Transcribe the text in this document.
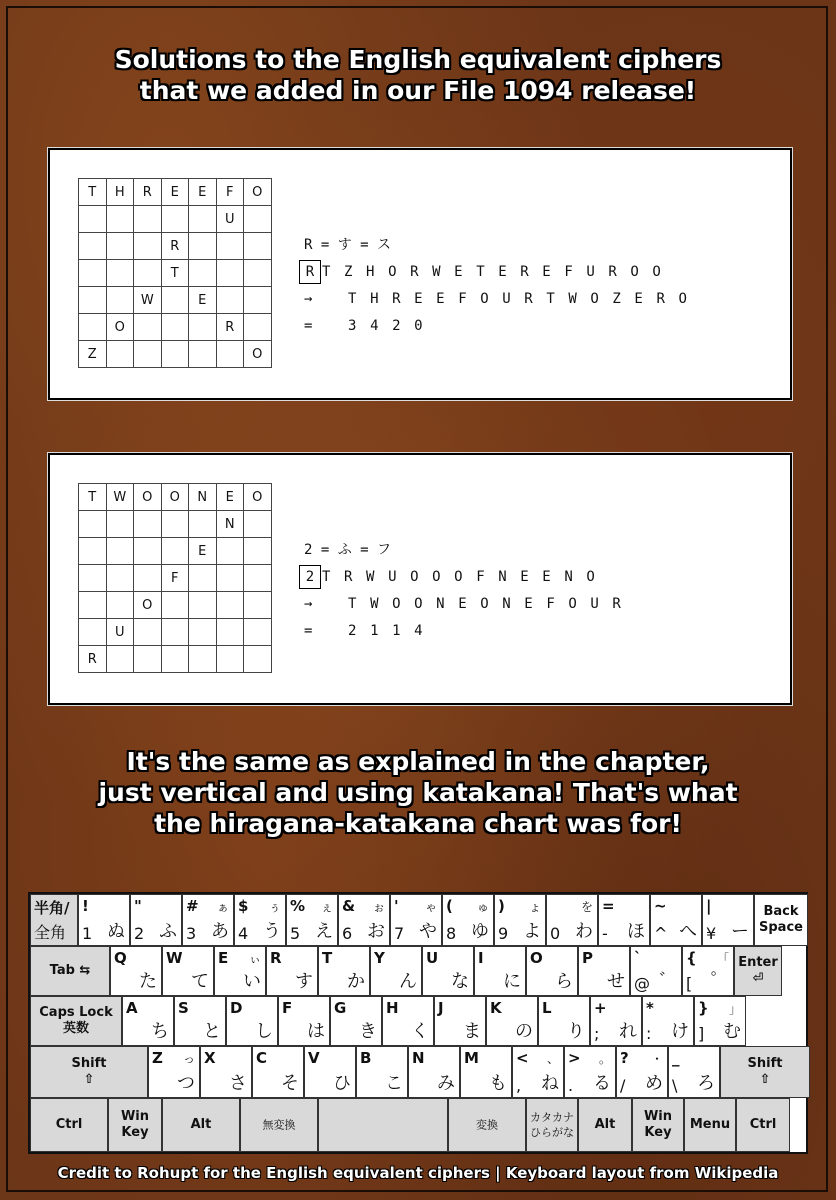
Solutions to the English equivalent ciphers
that we added in our File 1094 release!
T	H	R	E	E	F	O
					U	
			R			
			T			
		W		E		
	O				R	
Z						O
R = す = ス
R TZHORWETEREFUROO
→ THREEFOURTWOZERO
= 3420
T	W	O	O	N	E	O
					N	
				E		
			F			
		O				
	U					
R						
2 = ふ = フ
2 TRWUOOOFNEENO
→ TWOONEONEFOUR
= 2114
It's the same as explained in the chapter,
just vertical and using katakana! That's what
the hiragana-katakana chart was for!
半角/
全角
!
1 ぬ
"
2 ふ
# ぁ
3 あ
$ ぅ
4 う
% ぇ
5 え
& ぉ
6 お
' ゃ
7 や
( ゅ
8 ゆ
) ょ
9 よ
を
0 わ
=
- ほ
~
^ へ
|
¥ ー
Back
Space
Tab ⇆
Q
た
W
て
E ぃ
い
R
す
T
か
Y
ん
U
な
I
に
O
ら
P
せ
`
@ ゛
{ 「
[ ゜
Enter
⏎
Caps Lock
英数
A
ち
S
と
D
し
F
は
G
き
H
く
J
ま
K
の
L
り
+
; れ
*
: け
} 」
] む
Shift
⇧
Z っ
つ
X
さ
C
そ
V
ひ
B
こ
N
み
M
も
< 、
, ね
> 。
. る
? ・
/ め
_
\ ろ
Shift
⇧
Ctrl
Win
Key
Alt	無変換	変換
カタカナ
ひらがな
Alt
Win
Key
Menu	Ctrl
Credit to Rohupt for the English equivalent ciphers | Keyboard layout from Wikipedia
